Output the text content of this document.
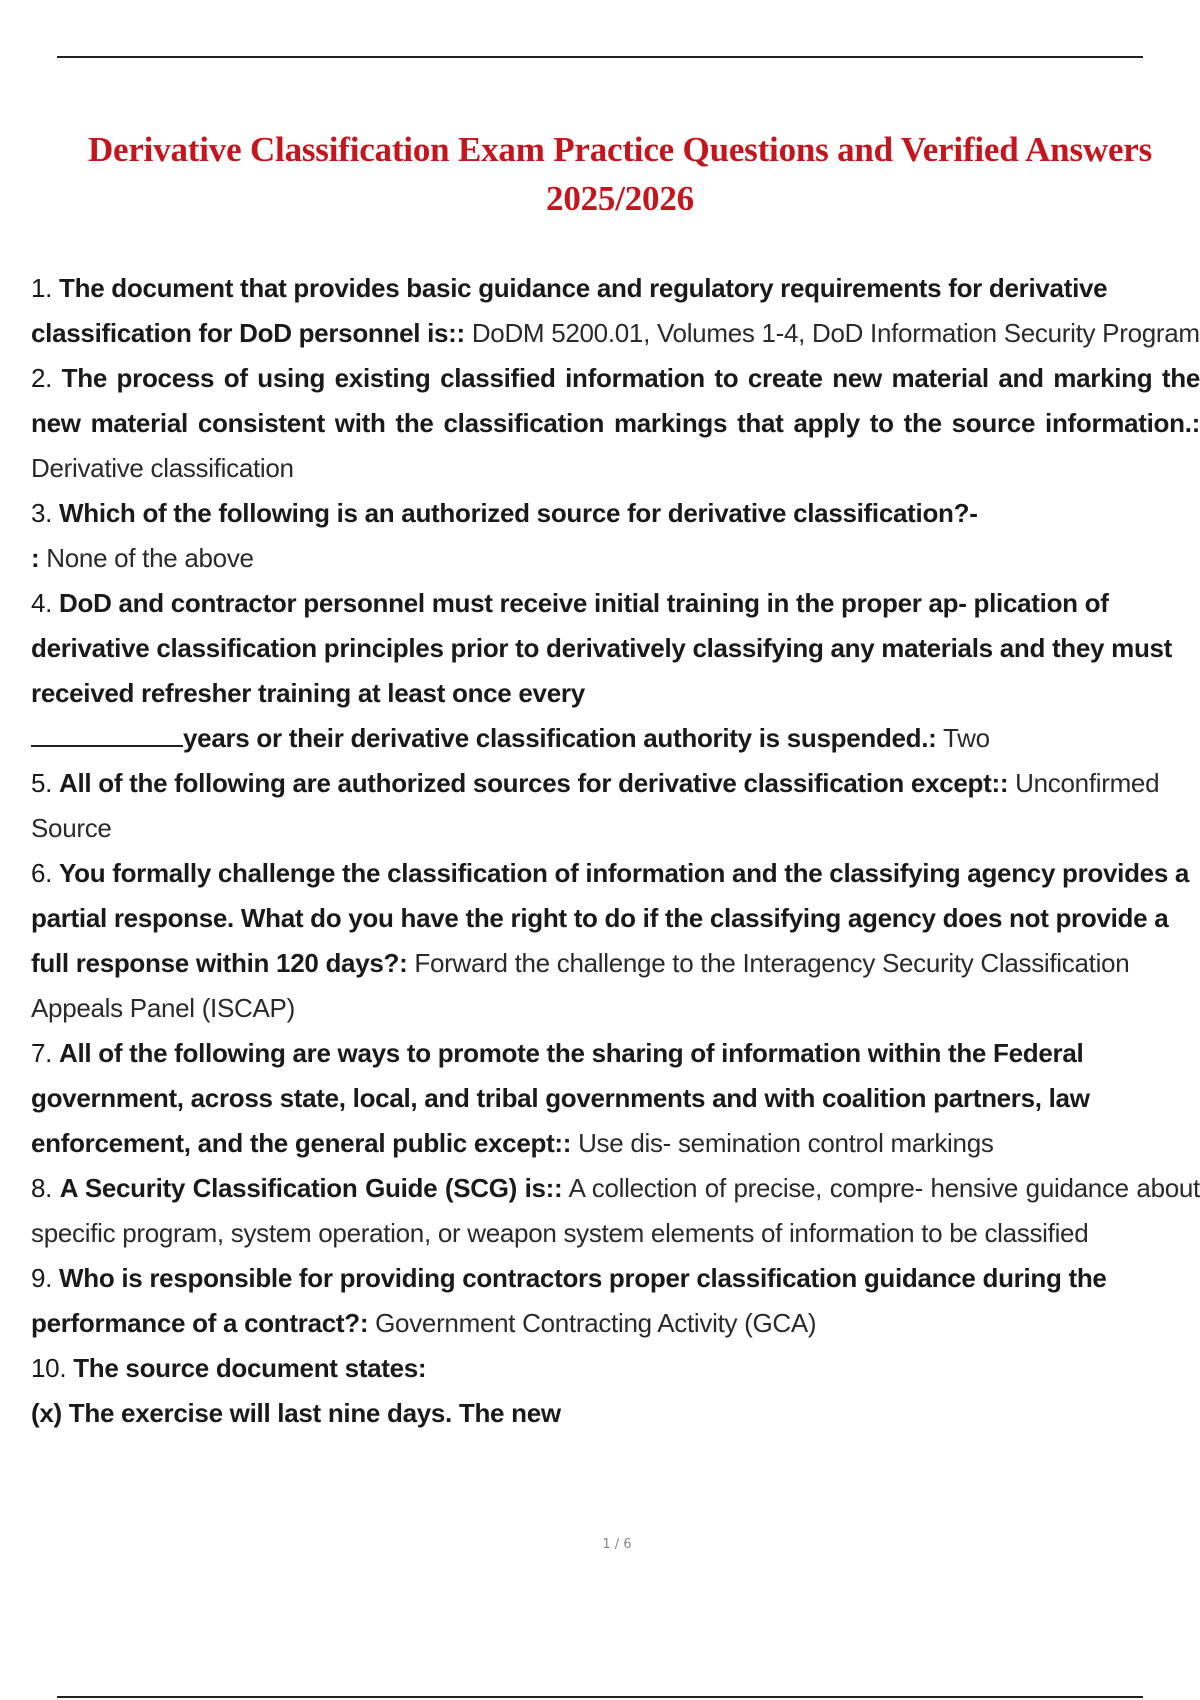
Derivative Classification Exam Practice Questions and Verified Answers
2025/2026

1. The document that provides basic guidance and regulatory requirements for derivative classification for DoD personnel is:: DoDM 5200.01, Volumes 1-4, DoD Information Security Program

2. The process of using existing classified information to create new material and marking the new material consistent with the classification markings that apply to the source information.: Derivative classification

3. Which of the following is an authorized source for derivative classification?-
: None of the above

4. DoD and contractor personnel must receive initial training in the proper ap- plication of derivative classification principles prior to derivatively classifying any materials and they must received refresher training at least once every
years or their derivative classification authority is suspended.: Two

5. All of the following are authorized sources for derivative classification except:: Unconfirmed Source

6. You formally challenge the classification of information and the classifying agency provides a partial response. What do you have the right to do if the classifying agency does not provide a full response within 120 days?: Forward the challenge to the Interagency Security Classification Appeals Panel (ISCAP)

7. All of the following are ways to promote the sharing of information within the Federal government, across state, local, and tribal governments and with coalition partners, law enforcement, and the general public except:: Use dis- semination control markings

8. A Security Classification Guide (SCG) is:: A collection of precise, compre- hensive guidance about specific program, system operation, or weapon system elements of information to be classified

9. Who is responsible for providing contractors proper classification guidance during the performance of a contract?: Government Contracting Activity (GCA)

10. The source document states:
(x) The exercise will last nine days. The new

1 / 6
